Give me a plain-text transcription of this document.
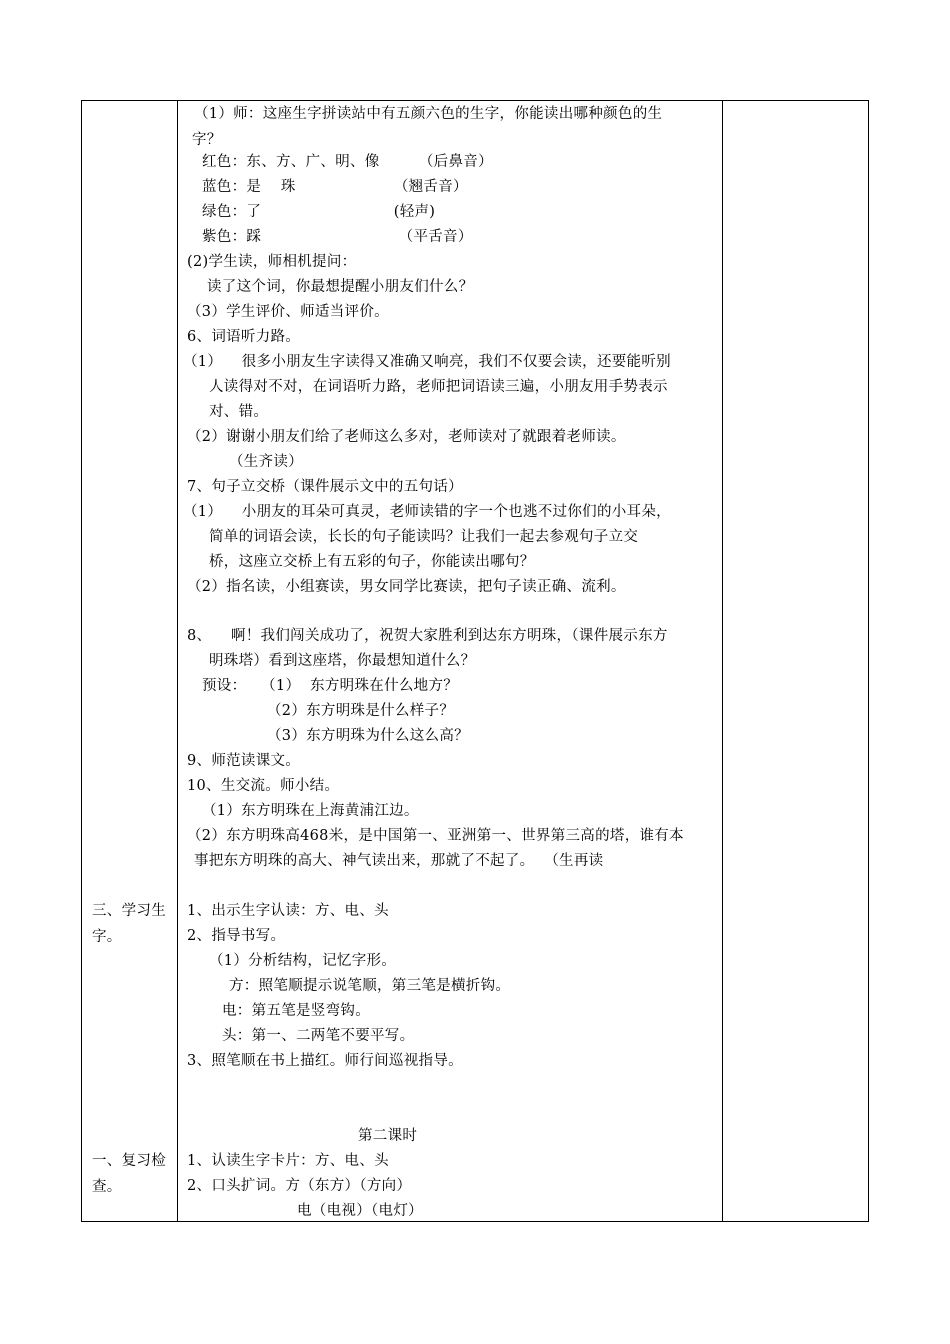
三、学习生
字。
一、复习检
查。
（1）师：这座生字拼读站中有五颜六色的生字，你能读出哪种颜色的生
字？
红色：东、方、广、明、像        （后鼻音）
蓝色：是    珠                    （翘舌音）
绿色：了                           (轻声)
紫色：踩                            （平舌音）
(2)学生读，师相机提问：
读了这个词，你最想提醒小朋友们什么？
（3）学生评价、师适当评价。
6、词语听力路。
（1）    很多小朋友生字读得又准确又响亮，我们不仅要会读，还要能听别
人读得对不对，在词语听力路，老师把词语读三遍，小朋友用手势表示
对、错。
（2）谢谢小朋友们给了老师这么多对，老师读对了就跟着老师读。
（生齐读）
7、句子立交桥（课件展示文中的五句话）
（1）    小朋友的耳朵可真灵，老师读错的字一个也逃不过你们的小耳朵，
简单的词语会读，长长的句子能读吗？让我们一起去参观句子立交
桥，这座立交桥上有五彩的句子，你能读出哪句？
（2）指名读，小组赛读，男女同学比赛读，把句子读正确、流利。
8、    啊！我们闯关成功了，祝贺大家胜利到达东方明珠，（课件展示东方
明珠塔）看到这座塔，你最想知道什么？
预设：   （1）  东方明珠在什么地方？
（2）东方明珠是什么样子？
（3）东方明珠为什么这么高？
9、师范读课文。
10、生交流。师小结。
（1）东方明珠在上海黄浦江边。
（2）东方明珠高468米，是中国第一、亚洲第一、世界第三高的塔，谁有本
事把东方明珠的高大、神气读出来，那就了不起了。  （生再读
1、出示生字认读：方、电、头
2、指导书写。
（1）分析结构，记忆字形。
方：照笔顺提示说笔顺，第三笔是横折钩。
电：第五笔是竖弯钩。
头：第一、二两笔不要平写。
3、照笔顺在书上描红。师行间巡视指导。
第二课时
1、认读生字卡片：方、电、头
2、口头扩词。方（东方）（方向）
电（电视）（电灯）
